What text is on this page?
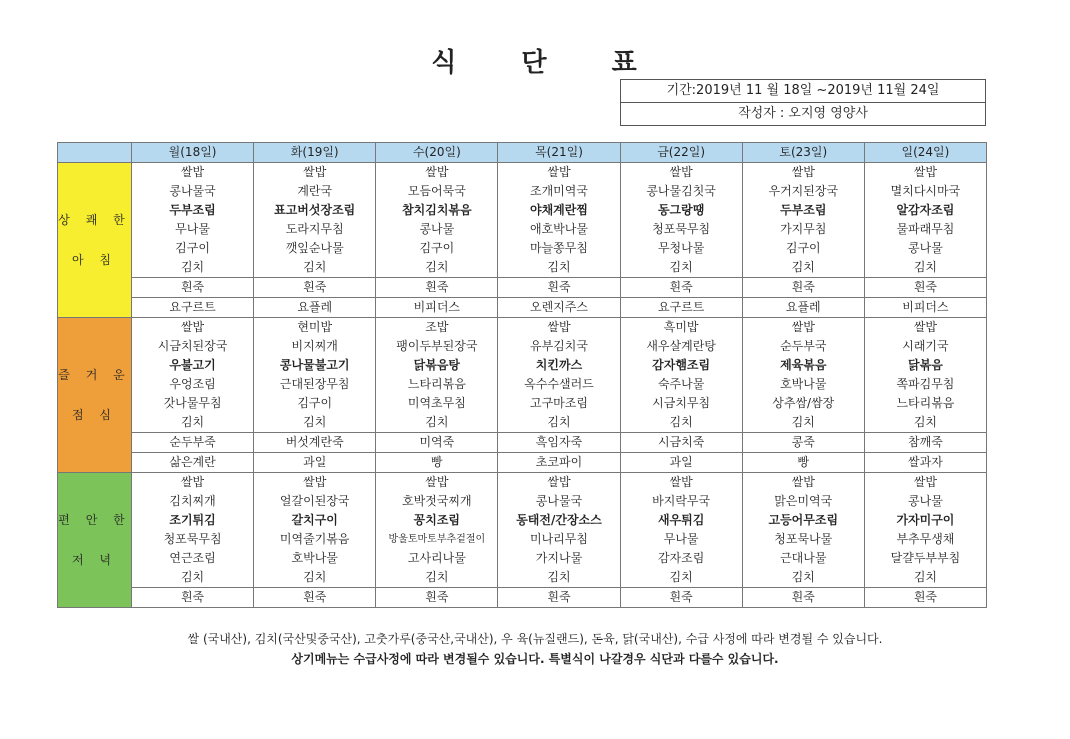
식 단 표
기간:2019년 11 월 18일 ~2019년 11월 24일
작성자 : 오지영 영양사
	월(18일)	화(19일)	수(20일)	목(21일)	금(22일)	토(23일)	일(24일)

상 쾌 한
아 침	쌀밥	쌀밥	쌀밥	쌀밥	쌀밥	쌀밥	쌀밥
	콩나물국	계란국	모듬어묵국	조개미역국	콩나물김칫국	우거지된장국	멸치다시마국
	두부조림	표고버섯장조림	참치김치볶음	야채계란찜	동그랑땡	두부조림	알감자조림
	무나물	도라지무침	콩나물	애호박나물	청포묵무침	가지무침	물파래무침
	김구이	깻잎순나물	김구이	마늘쫑무침	무청나물	김구이	콩나물
	김치	김치	김치	김치	김치	김치	김치
	흰죽	흰죽	흰죽	흰죽	흰죽	흰죽	흰죽
	요구르트	요플레	비피더스	오렌지주스	요구르트	요플레	비피더스

즐 거 운
점 심	쌀밥	현미밥	조밥	쌀밥	흑미밥	쌀밥	쌀밥
	시금치된장국	비지찌개	팽이두부된장국	유부김치국	새우살계란탕	순두부국	시래기국
	우불고기	콩나물불고기	닭볶음탕	치킨까스	감자햄조림	제육볶음	닭볶음
	우엉조림	근대된장무침	느타리볶음	옥수수샐러드	숙주나물	호박나물	쪽파김무침
	갓나물무침	김구이	미역초무침	고구마조림	시금치무침	상추쌈/쌈장	느타리볶음
	김치	김치	김치	김치	김치	김치	김치
	순두부죽	버섯계란죽	미역죽	흑임자죽	시금치죽	콩죽	참깨죽
	삶은계란	과일	빵	초코파이	과일	빵	쌀과자

편 안 한
저 녁	쌀밥	쌀밥	쌀밥	쌀밥	쌀밥	쌀밥	쌀밥
	김치찌개	얼갈이된장국	호박젓국찌개	콩나물국	바지락무국	맑은미역국	콩나물
	조기튀김	갈치구이	꽁치조림	동태전/간장소스	새우튀김	고등어무조림	가자미구이
	청포묵무침	미역줄기볶음	방울토마토부추겉절이	미나리무침	무나물	청포묵나물	부추무생채
	연근조림	호박나물	고사리나물	가지나물	감자조림	근대나물	달걀두부부침
	김치	김치	김치	김치	김치	김치	김치
	흰죽	흰죽	흰죽	흰죽	흰죽	흰죽	흰죽
쌀 (국내산), 김치(국산및중국산), 고춧가루(중국산,국내산), 우 육(뉴질랜드), 돈육, 닭(국내산), 수급 사정에 따라 변경될 수 있습니다.
상기메뉴는 수급사정에 따라 변경될수 있습니다. 특별식이 나갈경우 식단과 다를수 있습니다.
